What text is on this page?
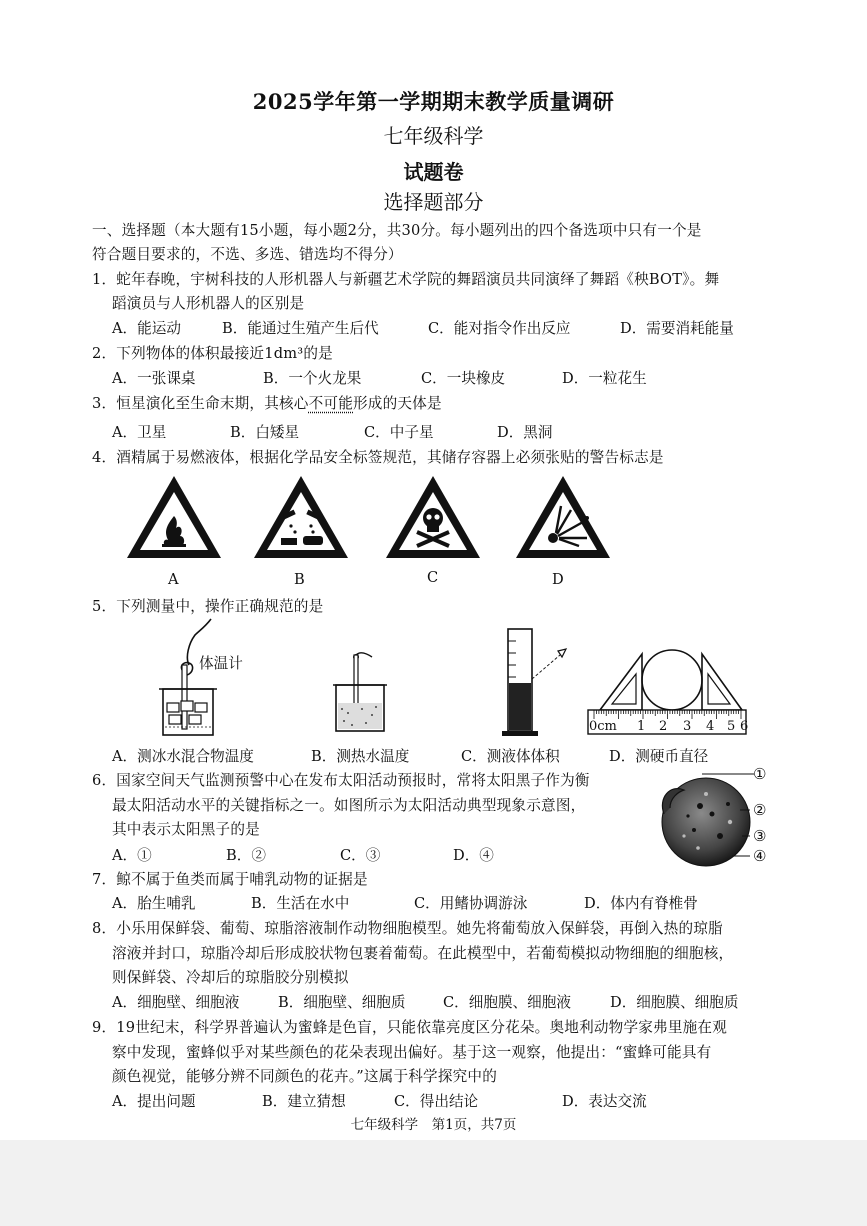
2025学年第一学期期末教学质量调研
七年级科学
试题卷
选择题部分
一、选择题（本大题有15小题，每小题2分，共30分。每小题列出的四个备选项中只有一个是
符合题目要求的，不选、多选、错选均不得分）
1．蛇年春晚，宇树科技的人形机器人与新疆艺术学院的舞蹈演员共同演绎了舞蹈《秧BOT》。舞
蹈演员与人形机器人的区别是
A．能运动	B．能通过生殖产生后代	C．能对指令作出反应	D．需要消耗能量
2．下列物体的体积最接近1dm³的是
A．一张课桌	B．一个火龙果	C．一块橡皮	D．一粒花生
3．恒星演化至生命末期，其核心不可能形成的天体是
A．卫星	B．白矮星	C．中子星	D．黑洞
4．酒精属于易燃液体，根据化学品安全标签规范，其储存容器上必须张贴的警告标志是
A	B	C	D
5．下列测量中，操作正确规范的是
体温计
0cm 1 2 3 4 5 6
A．测冰水混合物温度	B．测热水温度	C．测液体体积	D．测硬币直径
6．国家空间天气监测预警中心在发布太阳活动预报时，常将太阳黑子作为衡
最太阳活动水平的关键指标之一。如图所示为太阳活动典型现象示意图，
其中表示太阳黑子的是
A．①	B．②	C．③	D．④
①
②
③
④
7．鲸不属于鱼类而属于哺乳动物的证据是
A．胎生哺乳	B．生活在水中	C．用鳍协调游泳	D．体内有脊椎骨
8．小乐用保鲜袋、葡萄、琼脂溶液制作动物细胞模型。她先将葡萄放入保鲜袋，再倒入热的琼脂
溶液并封口，琼脂冷却后形成胶状物包裹着葡萄。在此模型中，若葡萄模拟动物细胞的细胞核，
则保鲜袋、冷却后的琼脂胶分别模拟
A．细胞壁、细胞液	B．细胞壁、细胞质	C．细胞膜、细胞液	D．细胞膜、细胞质
9．19世纪末，科学界普遍认为蜜蜂是色盲，只能依靠亮度区分花朵。奥地利动物学家弗里施在观
察中发现，蜜蜂似乎对某些颜色的花朵表现出偏好。基于这一观察，他提出：“蜜蜂可能具有
颜色视觉，能够分辨不同颜色的花卉。”这属于科学探究中的
A．提出问题	B．建立猜想	C．得出结论	D．表达交流
七年级科学　第1页，共7页
